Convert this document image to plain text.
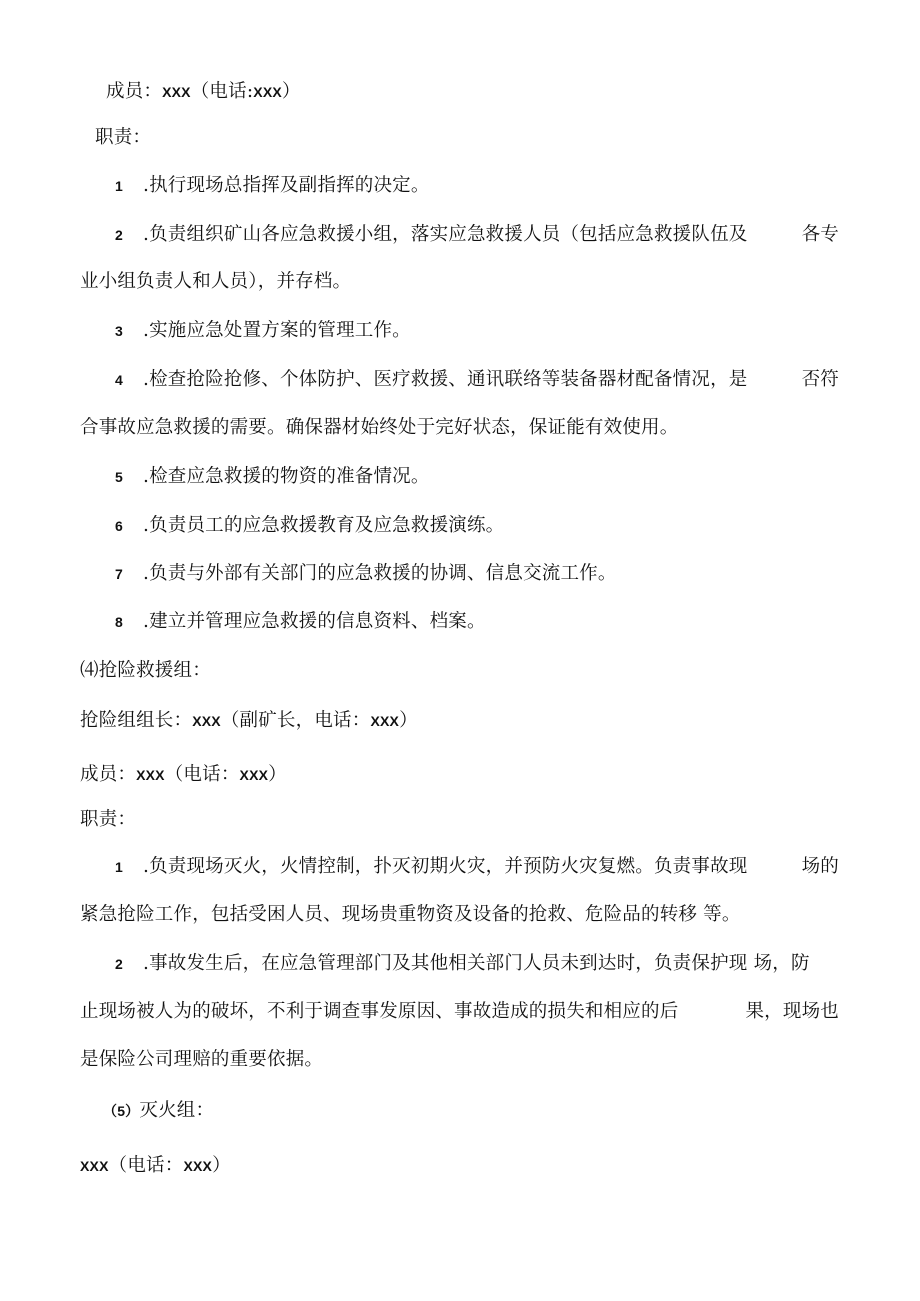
成员：XXX（电话:XXX）
职责：
1 .执行现场总指挥及副指挥的决定。
2 .负责组织矿山各应急救援小组，落实应急救援人员（包括应急救援队伍及	各专
业小组负责人和人员），并存档。
3 .实施应急处置方案的管理工作。
4 .检查抢险抢修、个体防护、医疗救援、通讯联络等装备器材配备情况，是	否符
合事故应急救援的需要。确保器材始终处于完好状态，保证能有效使用。
5 .检查应急救援的物资的准备情况。
6 .负责员工的应急救援教育及应急救援演练。
7 .负责与外部有关部门的应急救援的协调、信息交流工作。
8 .建立并管理应急救援的信息资料、档案。
⑷抢险救援组：
抢险组组长：XXX（副矿长，电话：XXX）
成员：XXX（电话：XXX）
职责：
1 .负责现场灭火，火情控制，扑灭初期火灾，并预防火灾复燃。负责事故现	场的
紧急抢险工作，包括受困人员、现场贵重物资及设备的抢救、危险品的转移 等。
2 .事故发生后，在应急管理部门及其他相关部门人员未到达时，负责保护现 场，防
止现场被人为的破坏，不利于调查事发原因、事故造成的损失和相应的后	果，现场也
是保险公司理赔的重要依据。
（5）灭火组：
XXX（电话：XXX）
